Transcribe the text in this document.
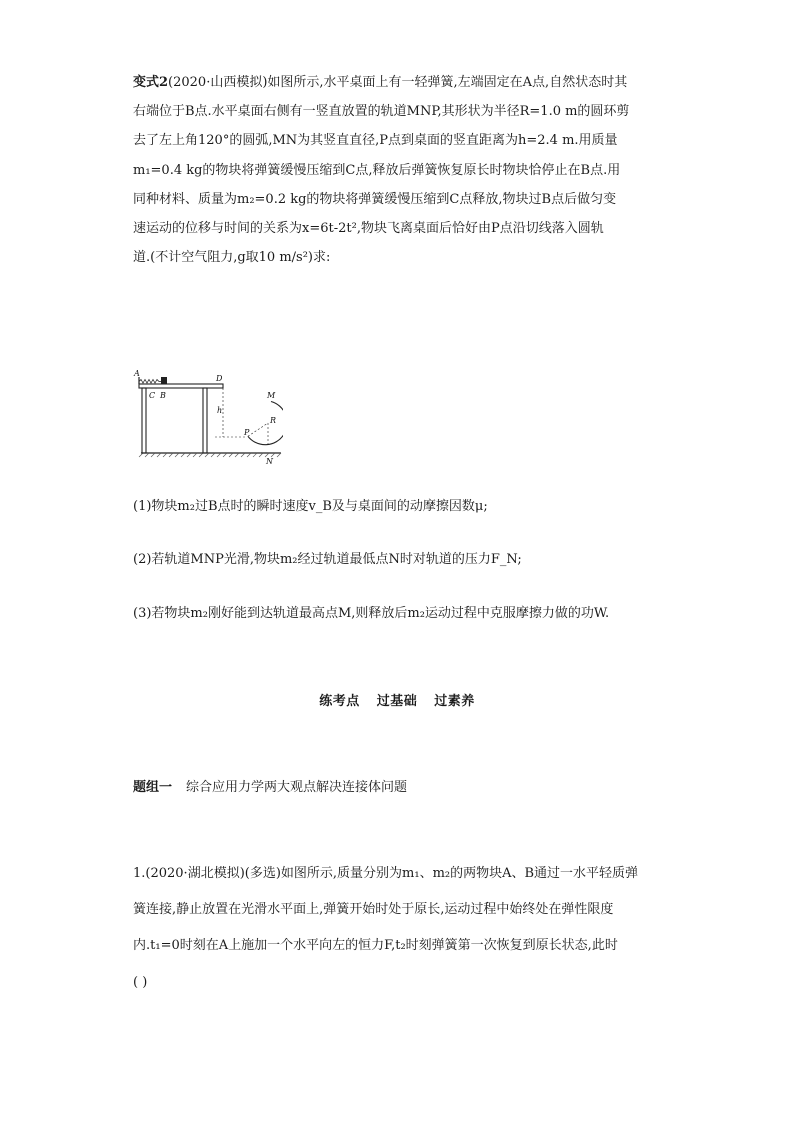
变式2(2020·山西模拟)如图所示,水平桌面上有一轻弹簧,左端固定在A点,自然状态时其
右端位于B点.水平桌面右侧有一竖直放置的轨道MNP,其形状为半径R=1.0 m的圆环剪
去了左上角120°的圆弧,MN为其竖直直径,P点到桌面的竖直距离为h=2.4 m.用质量
m₁=0.4 kg的物块将弹簧缓慢压缩到C点,释放后弹簧恢复原长时物块恰停止在B点.用
同种材料、质量为m₂=0.2 kg的物块将弹簧缓慢压缩到C点释放,物块过B点后做匀变
速运动的位移与时间的关系为x=6t-2t²,物块飞离桌面后恰好由P点沿切线落入圆轨
道.(不计空气阻力,g取10 m/s²)求:
A
C B
D
h
M
R
P
N
(1)物块m₂过B点时的瞬时速度v_B及与桌面间的动摩擦因数μ;
(2)若轨道MNP光滑,物块m₂经过轨道最低点N时对轨道的压力F_N;
(3)若物块m₂刚好能到达轨道最高点M,则释放后m₂运动过程中克服摩擦力做的功W.
练考点 过基础 过素养
题组一 综合应用力学两大观点解决连接体问题
1.(2020·湖北模拟)(多选)如图所示,质量分别为m₁、m₂的两物块A、B通过一水平轻质弹
簧连接,静止放置在光滑水平面上,弹簧开始时处于原长,运动过程中始终处在弹性限度
内.t₁=0时刻在A上施加一个水平向左的恒力F,t₂时刻弹簧第一次恢复到原长状态,此时
( )
